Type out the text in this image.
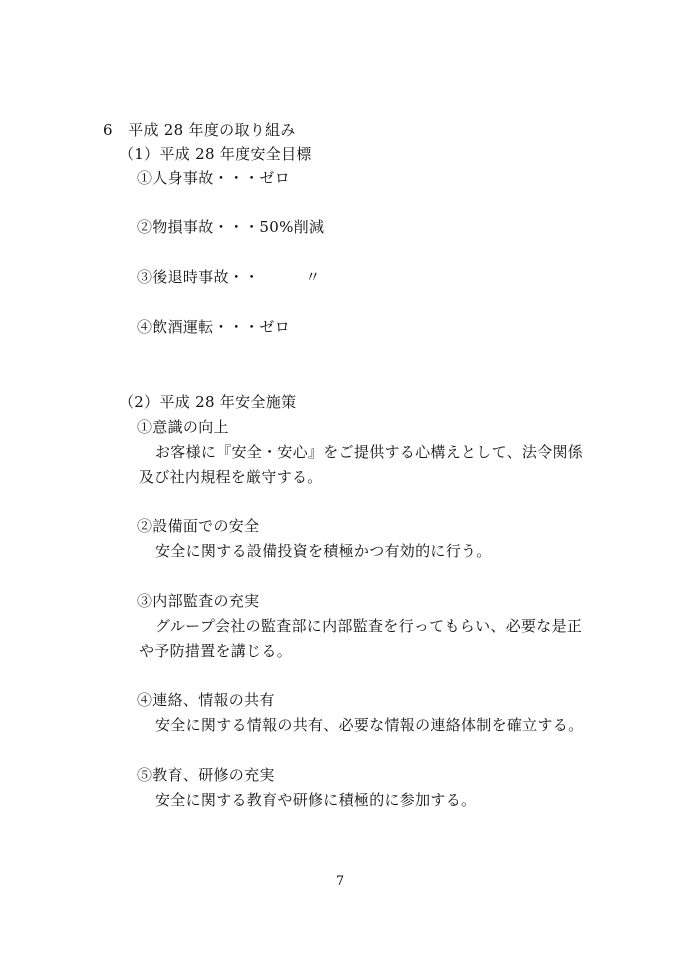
6　平成 28 年度の取り組み
（1）平成 28 年度安全目標
①人身事故・・・ゼロ
②物損事故・・・50%削減
③後退時事故・・　　　〃
④飲酒運転・・・ゼロ
（2）平成 28 年安全施策
①意識の向上
お客様に『安全・安心』をご提供する心構えとして、法令関係
及び社内規程を厳守する。
②設備面での安全
安全に関する設備投資を積極かつ有効的に行う。
③内部監査の充実
グループ会社の監査部に内部監査を行ってもらい、必要な是正
や予防措置を講じる。
④連絡、情報の共有
安全に関する情報の共有、必要な情報の連絡体制を確立する。
⑤教育、研修の充実
安全に関する教育や研修に積極的に参加する。
7
